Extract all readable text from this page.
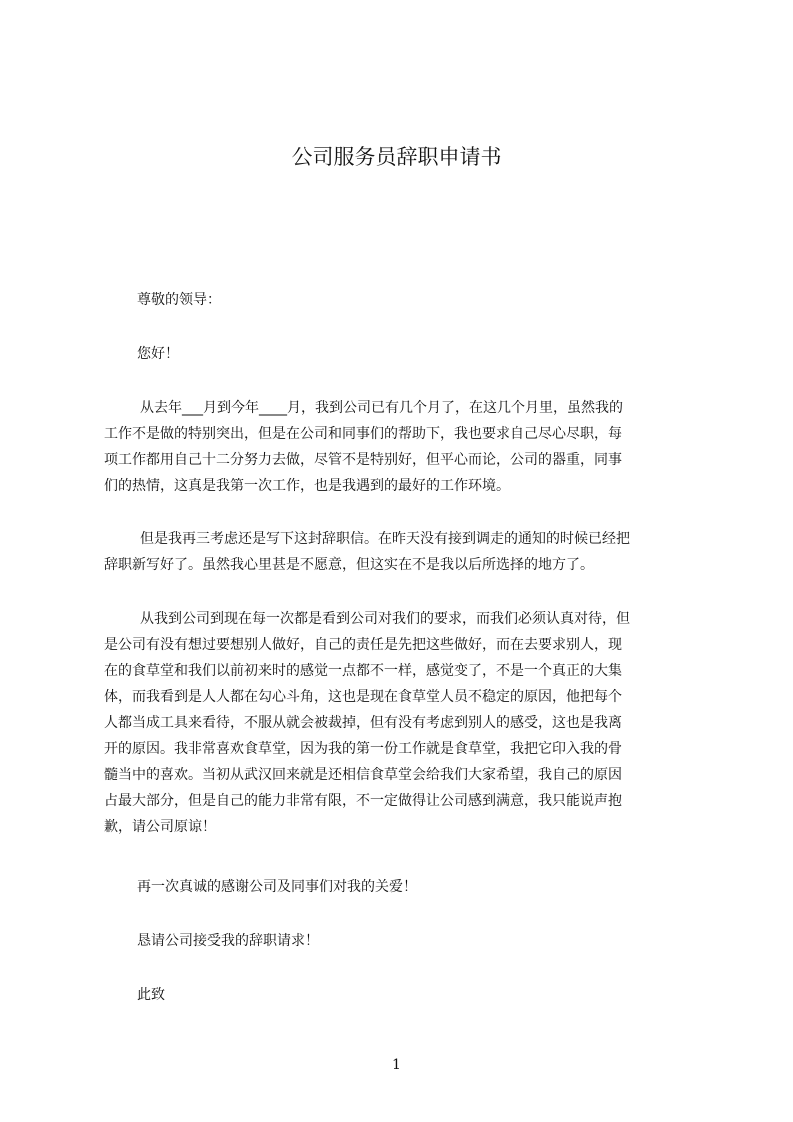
公司服务员辞职申请书

尊敬的领导：

您好！

从去年___月到今年____月，我到公司已有几个月了，在这几个月里，虽然我的
工作不是做的特别突出，但是在公司和同事们的帮助下，我也要求自己尽心尽职，每
项工作都用自己十二分努力去做，尽管不是特别好，但平心而论，公司的器重，同事
们的热情，这真是我第一次工作，也是我遇到的最好的工作环境。
但是我再三考虑还是写下这封辞职信。在昨天没有接到调走的通知的时候已经把
辞职新写好了。虽然我心里甚是不愿意，但这实在不是我以后所选择的地方了。
从我到公司到现在每一次都是看到公司对我们的要求，而我们必须认真对待，但
是公司有没有想过要想别人做好，自己的责任是先把这些做好，而在去要求别人，现
在的食草堂和我们以前初来时的感觉一点都不一样，感觉变了，不是一个真正的大集
体，而我看到是人人都在勾心斗角，这也是现在食草堂人员不稳定的原因，他把每个
人都当成工具来看待，不服从就会被裁掉，但有没有考虑到别人的感受，这也是我离
开的原因。我非常喜欢食草堂，因为我的第一份工作就是食草堂，我把它印入我的骨
髓当中的喜欢。当初从武汉回来就是还相信食草堂会给我们大家希望，我自己的原因
占最大部分，但是自己的能力非常有限，不一定做得让公司感到满意，我只能说声抱
歉，请公司原谅！

再一次真诚的感谢公司及同事们对我的关爱！

恳请公司接受我的辞职请求！

此致

1
